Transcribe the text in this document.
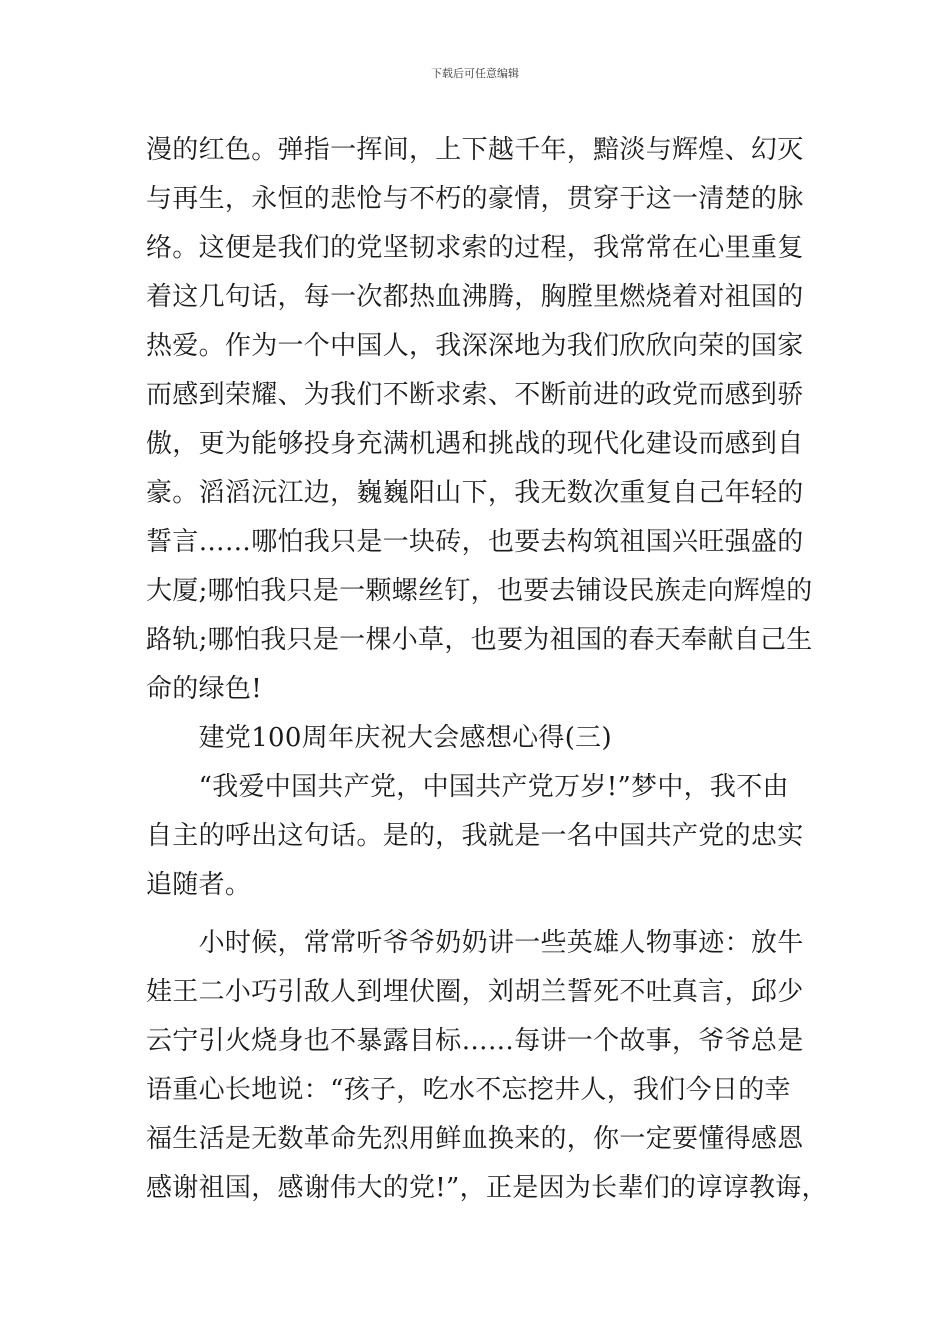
下载后可任意编辑
漫的红色。弹指一挥间，上下越千年，黯淡与辉煌、幻灭
与再生，永恒的悲怆与不朽的豪情，贯穿于这一清楚的脉
络。这便是我们的党坚韧求索的过程，我常常在心里重复
着这几句话，每一次都热血沸腾，胸膛里燃烧着对祖国的
热爱。作为一个中国人，我深深地为我们欣欣向荣的国家
而感到荣耀、为我们不断求索、不断前进的政党而感到骄
傲，更为能够投身充满机遇和挑战的现代化建设而感到自
豪。滔滔沅江边，巍巍阳山下，我无数次重复自己年轻的
誓言……哪怕我只是一块砖，也要去构筑祖国兴旺强盛的
大厦;哪怕我只是一颗螺丝钉，也要去铺设民族走向辉煌的
路轨;哪怕我只是一棵小草，也要为祖国的春天奉献自己生
命的绿色!
　　建党100周年庆祝大会感想心得(三)
　　“我爱中国共产党，中国共产党万岁!”梦中，我不由
自主的呼出这句话。是的，我就是一名中国共产党的忠实
追随者。
　　小时候，常常听爷爷奶奶讲一些英雄人物事迹：放牛
娃王二小巧引敌人到埋伏圈，刘胡兰誓死不吐真言，邱少
云宁引火烧身也不暴露目标……每讲一个故事，爷爷总是
语重心长地说：“孩子，吃水不忘挖井人，我们今日的幸
福生活是无数革命先烈用鲜血换来的，你一定要懂得感恩
感谢祖国，感谢伟大的党!”，正是因为长辈们的谆谆教诲，
